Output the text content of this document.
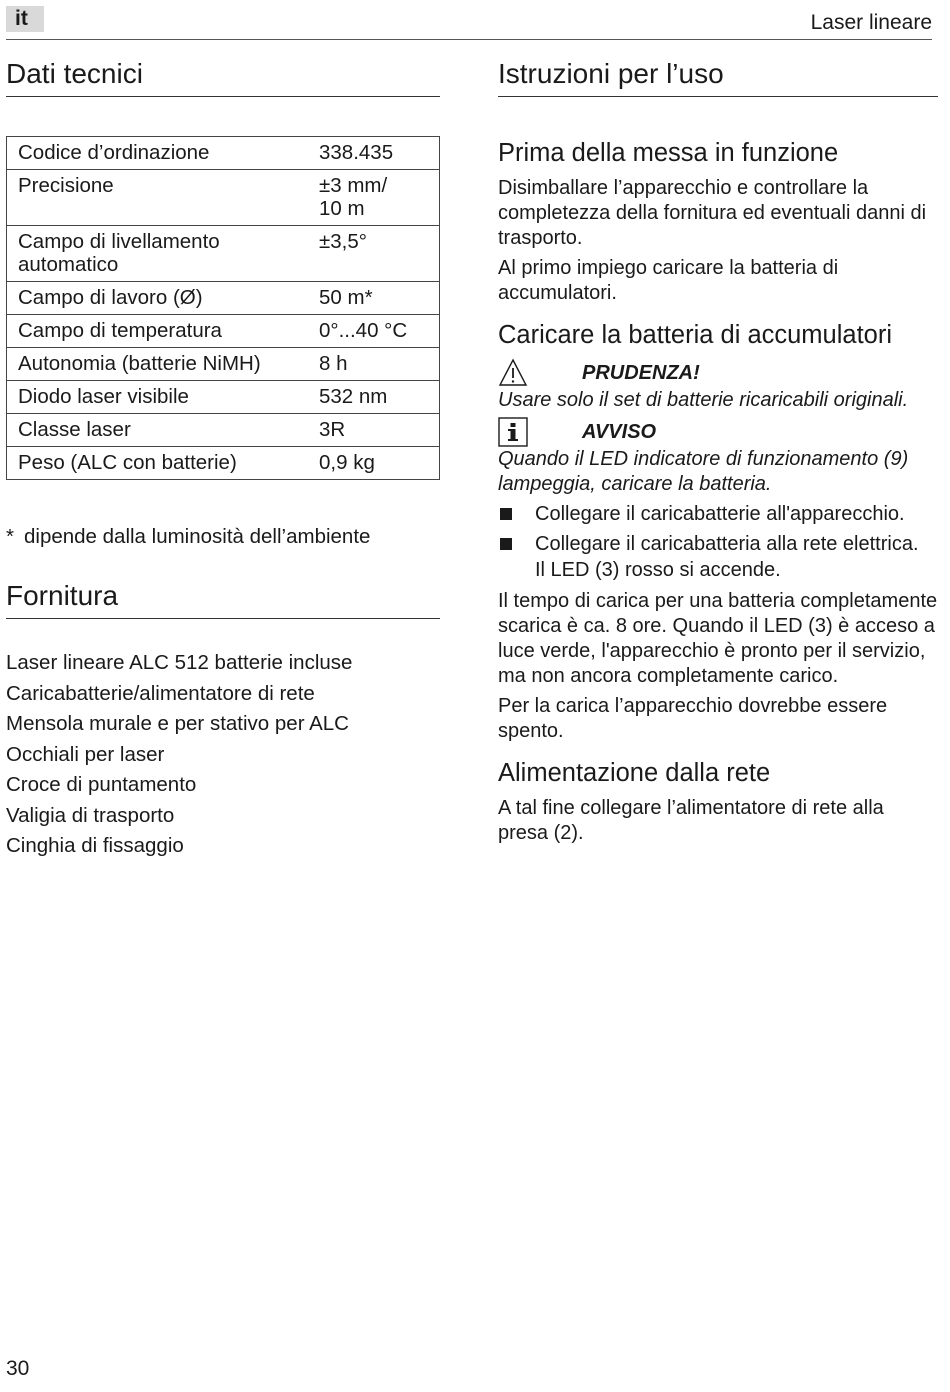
it	Laser lineare
Dati tecnici
Codice d’ordinazione	338.435
Precisione	±3 mm/
10 m
Campo di livellamento
automatico	±3,5°
Campo di lavoro (Ø)	50 m*
Campo di temperatura	0°...40 °C
Autonomia (batterie NiMH)	8 h
Diodo laser visibile	532 nm
Classe laser	3R
Peso (ALC con batterie)	0,9 kg
* dipende dalla luminosità dell’ambiente
Fornitura
Laser lineare ALC 512 batterie incluse
Caricabatterie/alimentatore di rete
Mensola murale e per stativo per ALC
Occhiali per laser
Croce di puntamento
Valigia di trasporto
Cinghia di fissaggio
Istruzioni per l’uso
Prima della messa in funzione

Disimballare l’apparecchio e controllare la completezza della fornitura ed eventuali danni di trasporto.

Al primo impiego caricare la batteria di accumulatori.

Caricare la batteria di accumulatori
PRUDENZA!

Usare solo il set di batterie ricaricabili originali.

AVVISO

Quando il LED indicatore di funzionamento (9) lampeggia, caricare la batteria.

Collegare il caricabatterie all'apparecchio.
Collegare il caricabatteria alla rete elettrica.
Il LED (3) rosso si accende.

Il tempo di carica per una batteria completamente scarica è ca. 8 ore. Quando il LED (3) è acceso a luce verde, l'apparecchio è pronto per il servizio, ma non ancora completamente carico.

Per la carica l’apparecchio dovrebbe essere spento.

Alimentazione dalla rete

A tal fine collegare l’alimentatore di rete alla presa (2).

30
